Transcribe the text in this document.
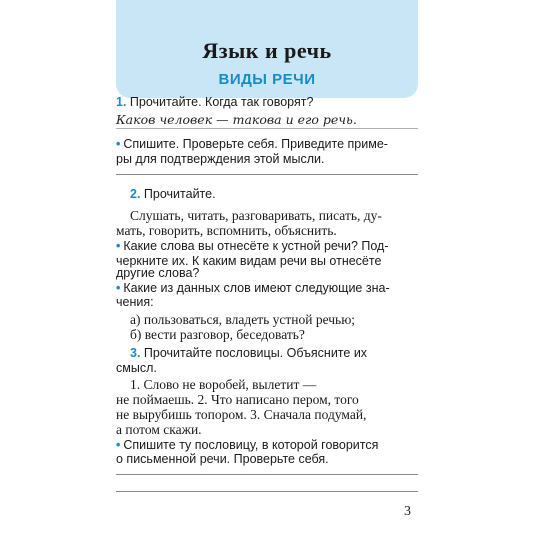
Язык и речь
ВИДЫ РЕЧИ
1. Прочитайте. Когда так говорят?
Каков человек — такова и его речь.
• Спишите. Проверьте себя. Приведите приме-
ры для подтверждения этой мысли.
2. Прочитайте.
Слушать, читать, разговаривать, писать, ду-
мать, говорить, вспомнить, объяснить.
• Какие слова вы отнесёте к устной речи? Под-
черкните их. К каким видам речи вы отнесёте
другие слова?
• Какие из данных слов имеют следующие зна-
чения:
а) пользоваться, владеть устной речью;
б) вести разговор, беседовать?
3. Прочитайте пословицы. Объясните их
смысл.
1. Слово не воробей, вылетит —
не поймаешь. 2. Что написано пером, того
не вырубишь топором. 3. Сначала подумай,
а потом скажи.
• Спишите ту пословицу, в которой говорится
о письменной речи. Проверьте себя.
3
